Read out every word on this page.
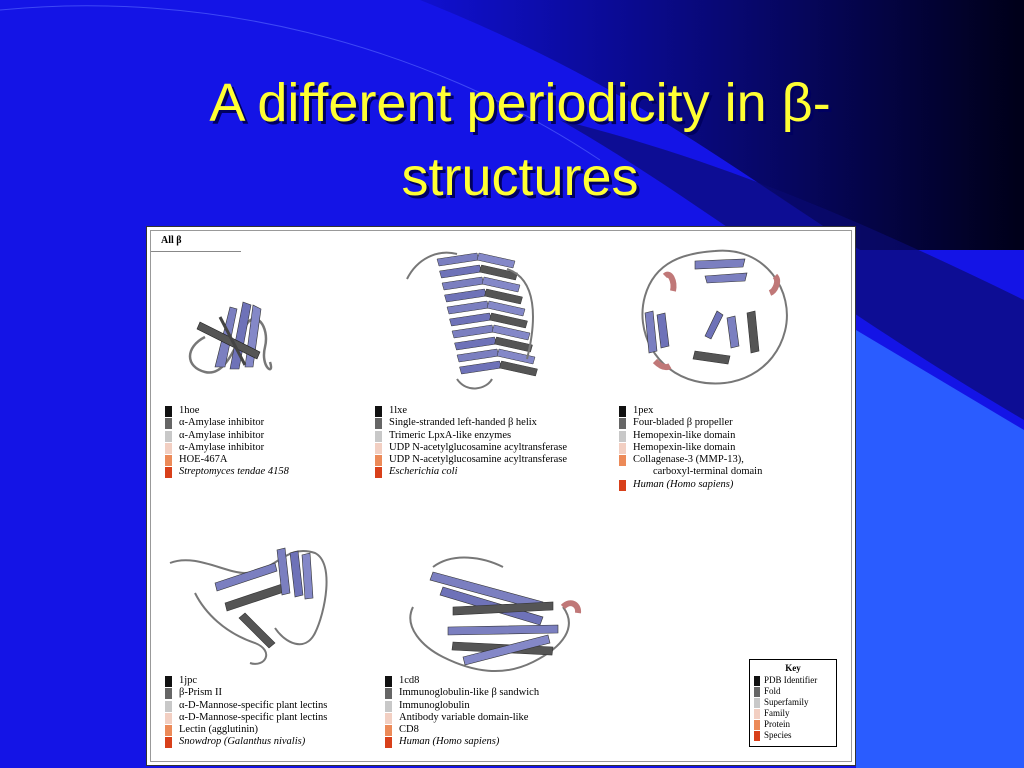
A different periodicity in β-structures
All β
1hoe
α-Amylase inhibitor
α-Amylase inhibitor
α-Amylase inhibitor
HOE-467A
Streptomyces tendae 4158
1lxe
Single-stranded left-handed β helix
Trimeric LpxA-like enzymes
UDP N-acetylglucosamine acyltransferase
UDP N-acetylglucosamine acyltransferase
Escherichia coli
1pex
Four-bladed β propeller
Hemopexin-like domain
Hemopexin-like domain
Collagenase-3 (MMP-13),
carboxyl-terminal domain
Human (Homo sapiens)
1jpc
β-Prism II
α-D-Mannose-specific plant lectins
α-D-Mannose-specific plant lectins
Lectin (agglutinin)
Snowdrop (Galanthus nivalis)
1cd8
Immunoglobulin-like β sandwich
Immunoglobulin
Antibody variable domain-like
CD8
Human (Homo sapiens)
Key
PDB Identifier
Fold
Superfamily
Family
Protein
Species
